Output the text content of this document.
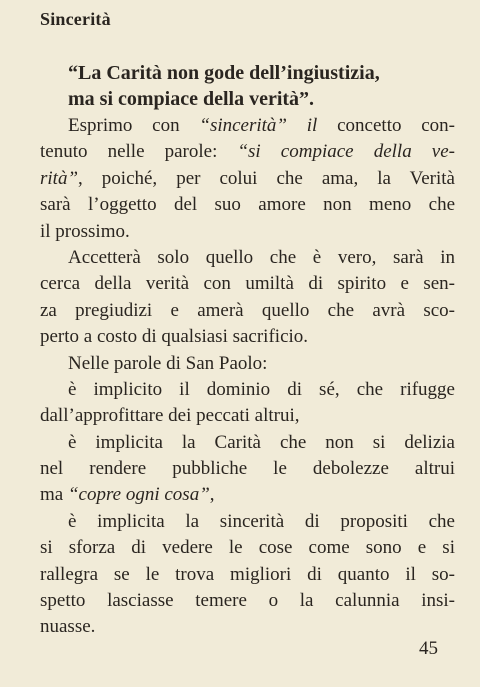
Sincerità
“La Carità non gode dell’ingiustizia,
ma si compiace della verità”.
Esprimo con “sincerità” il concetto con-
tenuto nelle parole: “si compiace della ve-
rità”, poiché, per colui che ama, la Verità
sarà l’oggetto del suo amore non meno che
il prossimo.
Accetterà solo quello che è vero, sarà in
cerca della verità con umiltà di spirito e sen-
za pregiudizi e amerà quello che avrà sco-
perto a costo di qualsiasi sacrificio.
Nelle parole di San Paolo:
è implicito il dominio di sé, che rifugge
dall’approfittare dei peccati altrui,
è implicita la Carità che non si delizia
nel rendere pubbliche le debolezze altrui
ma “copre ogni cosa”,
è implicita la sincerità di propositi che
si sforza di vedere le cose come sono e si
rallegra se le trova migliori di quanto il so-
spetto lasciasse temere o la calunnia insi-
nuasse.
45
